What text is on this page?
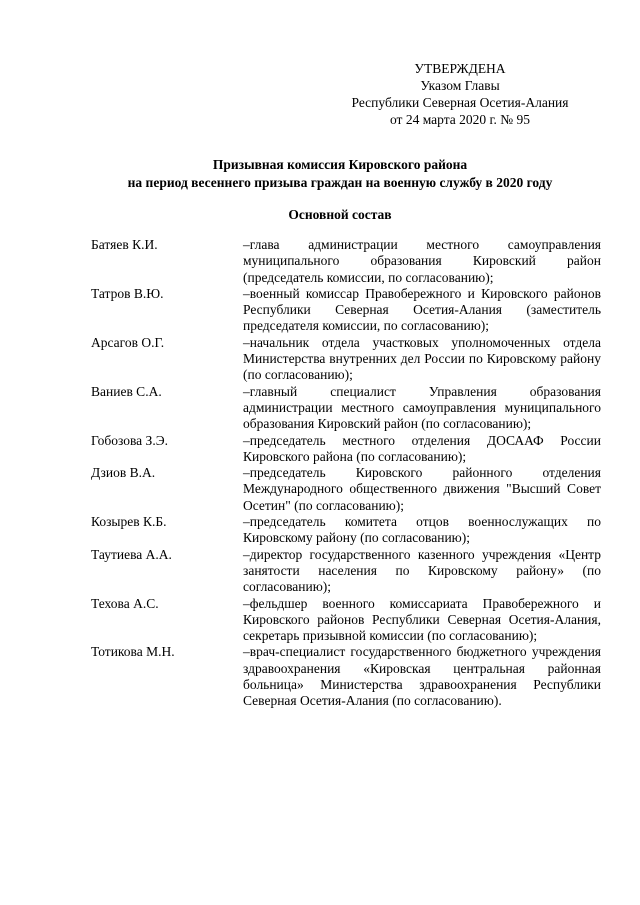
УТВЕРЖДЕНА
Указом Главы
Республики Северная Осетия-Алания
от 24 марта 2020 г. № 95
Призывная комиссия Кировского района
на период весеннего призыва граждан на военную службу в 2020 году
Основной состав
Батяев К.И.	–глава администрации местного самоуправления муниципального образования Кировский район (председатель комиссии, по согласованию);
Татров В.Ю.	–военный комиссар Правобережного и Кировского районов Республики Северная Осетия-Алания (заместитель председателя комиссии, по согласованию);
Арсагов О.Г.	–начальник отдела участковых уполномоченных отдела Министерства внутренних дел России по Кировскому району (по согласованию);
Ваниев С.А.	–главный специалист Управления образования администрации местного самоуправления муниципального образования Кировский район (по согласованию);
Гобозова З.Э.	–председатель местного отделения ДОСААФ России Кировского района (по согласованию);
Дзиов В.А.	–председатель Кировского районного отделения Международного общественного движения "Высший Совет Осетин" (по согласованию);
Козырев К.Б.	–председатель комитета отцов военнослужащих по Кировскому району (по согласованию);
Таутиева А.А.	–директор государственного казенного учреждения «Центр занятости населения по Кировскому району» (по согласованию);
Техова А.С.	–фельдшер военного комиссариата Правобережного и Кировского районов Республики Северная Осетия-Алания, секретарь призывной комиссии (по согласованию);
Тотикова М.Н.	–врач-специалист государственного бюджетного учреждения здравоохранения «Кировская центральная районная больница» Министерства здравоохранения Республики Северная Осетия-Алания (по согласованию).
